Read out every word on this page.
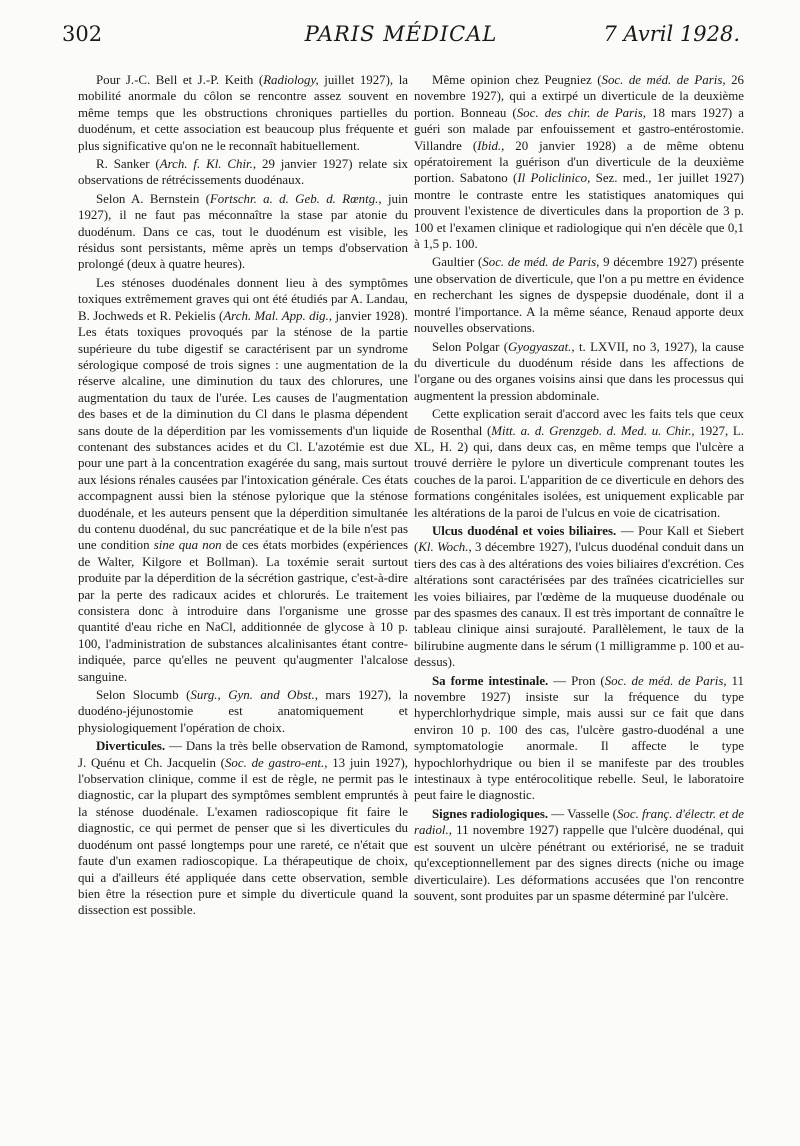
302	PARIS MÉDICAL	7 Avril 1928.

Pour J.-C. Bell et J.-P. Keith (Radiology, juillet 1927), la mobilité anormale du côlon se rencontre assez souvent en même temps que les obstructions chroniques partielles du duodénum, et cette association est beaucoup plus fréquente et plus significative qu'on ne le reconnaît habituellement.

R. Sanker (Arch. f. Kl. Chir., 29 janvier 1927) relate six observations de rétrécissements duodénaux.

Selon A. Bernstein (Fortschr. a. d. Geb. d. Rœntg., juin 1927), il ne faut pas méconnaître la stase par atonie du duodénum. Dans ce cas, tout le duodénum est visible, les résidus sont persistants, même après un temps d'observation prolongé (deux à quatre heures).

Les sténoses duodénales donnent lieu à des symptômes toxiques extrêmement graves qui ont été étudiés par A. Landau, B. Jochweds et R. Pekielis (Arch. Mal. App. dig., janvier 1928). Les états toxiques provoqués par la sténose de la partie supérieure du tube digestif se caractérisent par un syndrome sérologique composé de trois signes : une augmentation de la réserve alcaline, une diminution du taux des chlorures, une augmentation du taux de l'urée. Les causes de l'augmentation des bases et de la diminution du Cl dans le plasma dépendent sans doute de la déperdition par les vomissements d'un liquide contenant des substances acides et du Cl. L'azotémie est due pour une part à la concentration exagérée du sang, mais surtout aux lésions rénales causées par l'intoxication générale. Ces états accompagnent aussi bien la sténose pylorique que la sténose duodénale, et les auteurs pensent que la déperdition simultanée du contenu duodénal, du suc pancréatique et de la bile n'est pas une condition sine qua non de ces états morbides (expériences de Walter, Kilgore et Bollman). La toxémie serait surtout produite par la déperdition de la sécrétion gastrique, c'est-à-dire par la perte des radicaux acides et chlorurés. Le traitement consistera donc à introduire dans l'organisme une grosse quantité d'eau riche en NaCl, additionnée de glycose à 10 p. 100, l'administration de substances alcalinisantes étant contre-indiquée, parce qu'elles ne peuvent qu'augmenter l'alcalose sanguine.

Selon Slocumb (Surg., Gyn. and Obst., mars 1927), la duodéno-jéjunostomie est anatomiquement et physiologiquement l'opération de choix.

Diverticules. — Dans la très belle observation de Ramond, J. Quénu et Ch. Jacquelin (Soc. de gastro-ent., 13 juin 1927), l'observation clinique, comme il est de règle, ne permit pas le diagnostic, car la plupart des symptômes semblent empruntés à la sténose duodénale. L'examen radioscopique fit faire le diagnostic, ce qui permet de penser que si les diverticules du duodénum ont passé longtemps pour une rareté, ce n'était que faute d'un examen radioscopique. La thérapeutique de choix, qui a d'ailleurs été appliquée dans cette observation, semble bien être la résection pure et simple du diverticule quand la dissection est possible.

Même opinion chez Peugniez (Soc. de méd. de Paris, 26 novembre 1927), qui a extirpé un diverticule de la deuxième portion. Bonneau (Soc. des chir. de Paris, 18 mars 1927) a guéri son malade par enfouissement et gastro-entérostomie. Villandre (Ibid., 20 janvier 1928) a de même obtenu opératoirement la guérison d'un diverticule de la deuxième portion. Sabatono (Il Policlinico, Sez. med., 1er juillet 1927) montre le contraste entre les statistiques anatomiques qui prouvent l'existence de diverticules dans la proportion de 3 p. 100 et l'examen clinique et radiologique qui n'en décèle que 0,1 à 1,5 p. 100.

Gaultier (Soc. de méd. de Paris, 9 décembre 1927) présente une observation de diverticule, que l'on a pu mettre en évidence en recherchant les signes de dyspepsie duodénale, dont il a montré l'importance. A la même séance, Renaud apporte deux nouvelles observations.

Selon Polgar (Gyogyaszat., t. LXVII, no 3, 1927), la cause du diverticule du duodénum réside dans les affections de l'organe ou des organes voisins ainsi que dans les processus qui augmentent la pression abdominale.

Cette explication serait d'accord avec les faits tels que ceux de Rosenthal (Mitt. a. d. Grenzgeb. d. Med. u. Chir., 1927, L. XL, H. 2) qui, dans deux cas, en même temps que l'ulcère a trouvé derrière le pylore un diverticule comprenant toutes les couches de la paroi. L'apparition de ce diverticule en dehors des formations congénitales isolées, est uniquement explicable par les altérations de la paroi de l'ulcus en voie de cicatrisation.

Ulcus duodénal et voies biliaires. — Pour Kall et Siebert (Kl. Woch., 3 décembre 1927), l'ulcus duodénal conduit dans un tiers des cas à des altérations des voies biliaires d'excrétion. Ces altérations sont caractérisées par des traînées cicatricielles sur les voies biliaires, par l'œdème de la muqueuse duodénale ou par des spasmes des canaux. Il est très important de connaître le tableau clinique ainsi surajouté. Parallèlement, le taux de la bilirubine augmente dans le sérum (1 milligramme p. 100 et au-dessus).

Sa forme intestinale. — Pron (Soc. de méd. de Paris, 11 novembre 1927) insiste sur la fréquence du type hyperchlorhydrique simple, mais aussi sur ce fait que dans environ 10 p. 100 des cas, l'ulcère gastro-duodénal a une symptomatologie anormale. Il affecte le type hypochlorhydrique ou bien il se manifeste par des troubles intestinaux à type entérocolitique rebelle. Seul, le laboratoire peut faire le diagnostic.

Signes radiologiques. — Vasselle (Soc. franç. d'électr. et de radiol., 11 novembre 1927) rappelle que l'ulcère duodénal, qui est souvent un ulcère pénétrant ou extériorisé, ne se traduit qu'exceptionnellement par des signes directs (niche ou image diverticulaire). Les déformations accusées que l'on rencontre souvent, sont produites par un spasme déterminé par l'ulcère.
